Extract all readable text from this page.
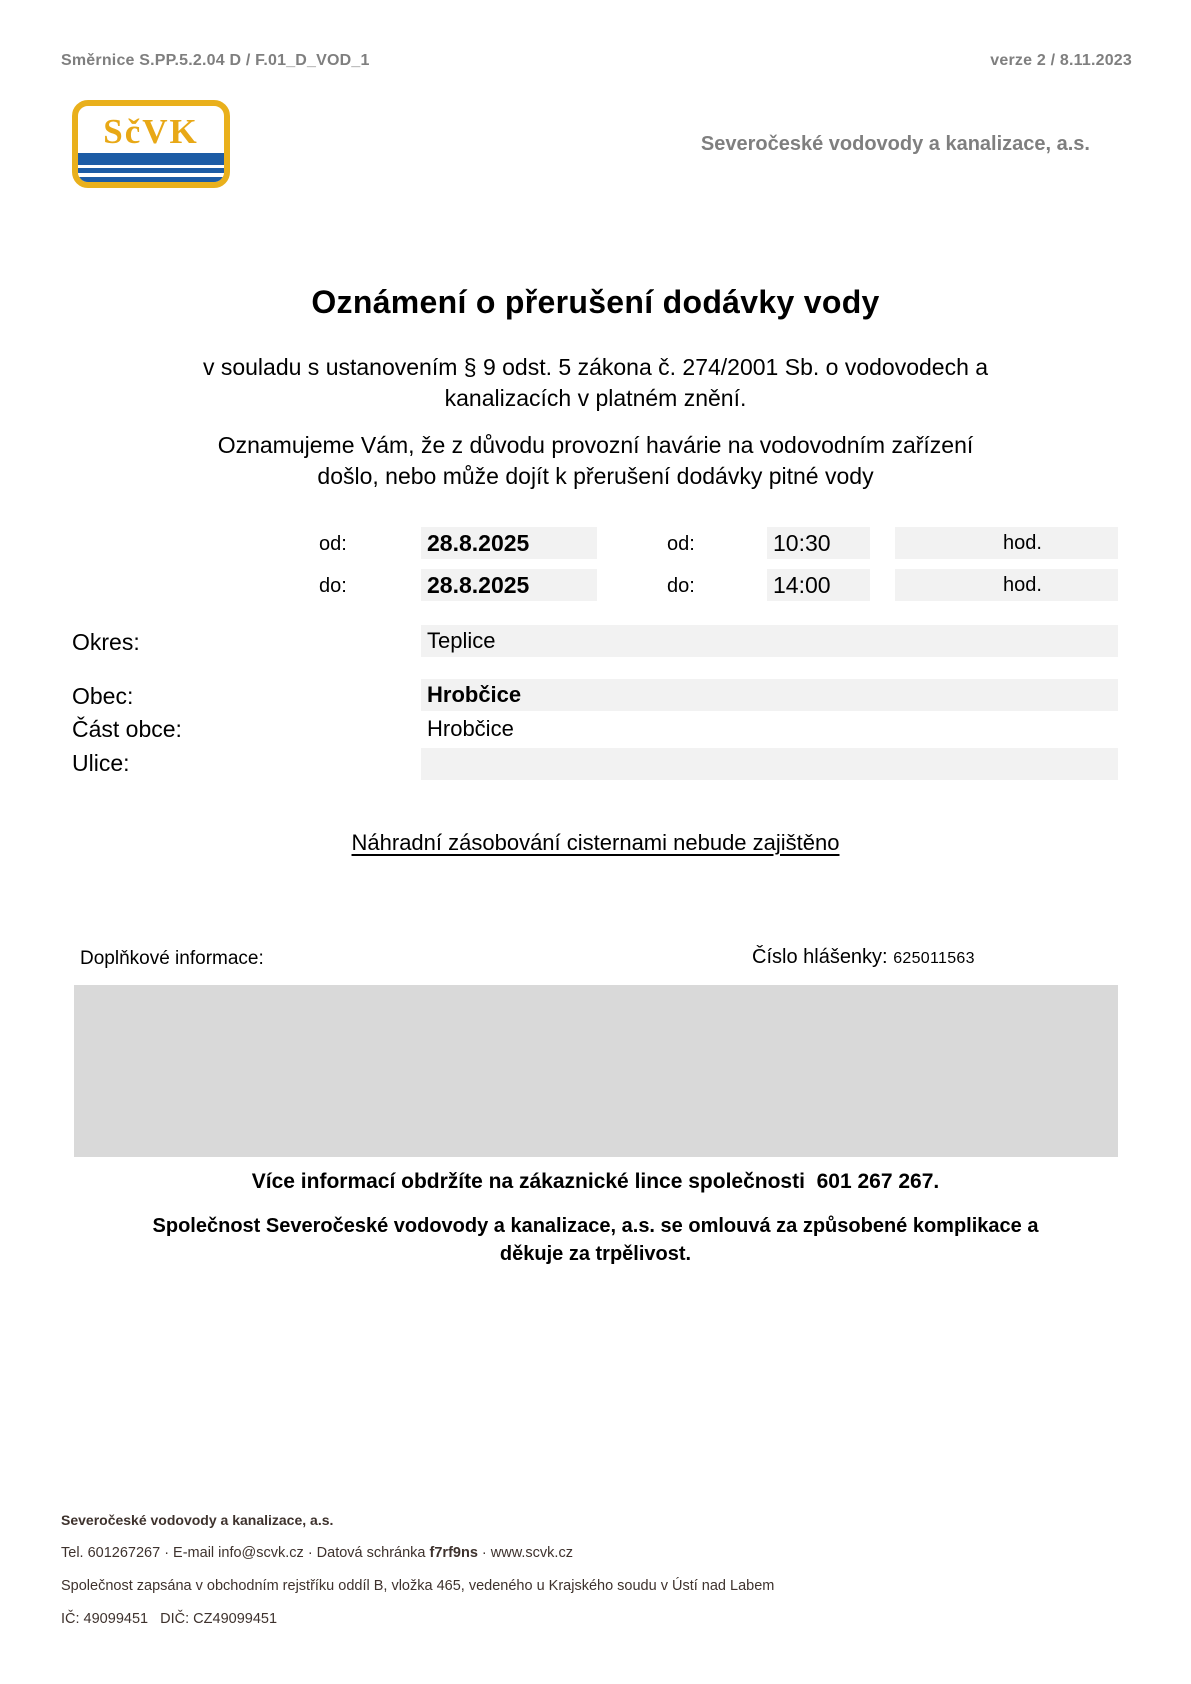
Směrnice S.PP.5.2.04 D / F.01_D_VOD_1	verze 2 / 8.11.2023
SčVK	Severočeské vodovody a kanalizace, a.s.
Oznámení o přerušení dodávky vody
v souladu s ustanovením § 9 odst. 5 zákona č. 274/2001 Sb. o vodovodech a
kanalizacích v platném znění.
Oznamujeme Vám, že z důvodu provozní havárie na vodovodním zařízení
došlo, nebo může dojít k přerušení dodávky pitné vody
od:	28.8.2025	od:	10:30	hod.
do:	28.8.2025	do:	14:00	hod.
Okres:	Teplice
Obec:	Hrobčice
Část obce:	Hrobčice
Ulice:
Náhradní zásobování cisternami nebude zajištěno
Doplňkové informace:	Číslo hlášenky: 625011563
Více informací obdržíte na zákaznické lince společnosti  601 267 267.
Společnost Severočeské vodovody a kanalizace, a.s. se omlouvá za způsobené komplikace a
děkuje za trpělivost.
Severočeské vodovody a kanalizace, a.s.
Tel. 601267267 · E-mail info@scvk.cz · Datová schránka f7rf9ns · www.scvk.cz
Společnost zapsána v obchodním rejstříku oddíl B, vložka 465, vedeného u Krajského soudu v Ústí nad Labem
IČ: 49099451   DIČ: CZ49099451
